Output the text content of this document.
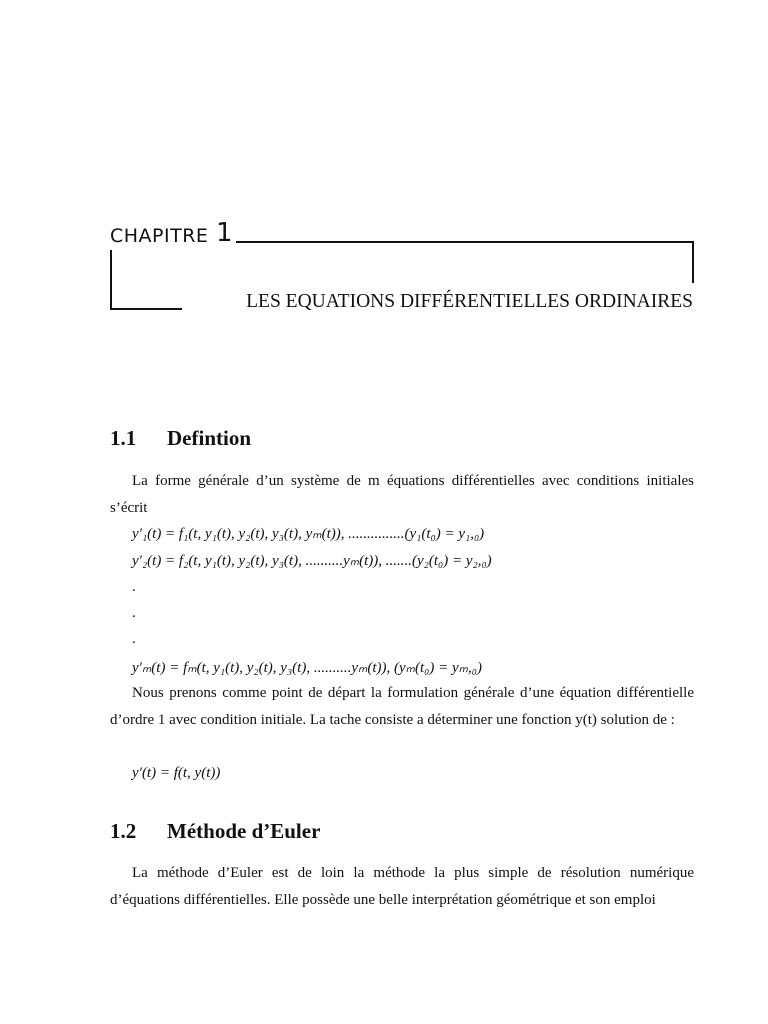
CHAPITRE 1
LES EQUATIONS DIFFÉRENTIELLES ORDINAIRES
1.1 Defintion
La forme générale d’un système de m équations différentielles avec conditions initiales s’écrit
y′₁(t) = f₁(t, y₁(t), y₂(t), y₃(t), yₘ(t)), ...............(y₁(t₀) = y₁,₀)
y′₂(t) = f₂(t, y₁(t), y₂(t), y₃(t), ..........yₘ(t)), .......(y₂(t₀) = y₂,₀)
.
.
.
y′ₘ(t) = fₘ(t, y₁(t), y₂(t), y₃(t), ..........yₘ(t)), (yₘ(t₀) = yₘ,₀)
Nous prenons comme point de départ la formulation générale d’une équation différentielle d’ordre 1 avec condition initiale. La tache consiste a déterminer une fonction y(t) solution de :
y′(t) = f(t, y(t))
1.2 Méthode d’Euler
La méthode d’Euler est de loin la méthode la plus simple de résolution numérique d’équations différentielles. Elle possède une belle interprétation géométrique et son emploi
